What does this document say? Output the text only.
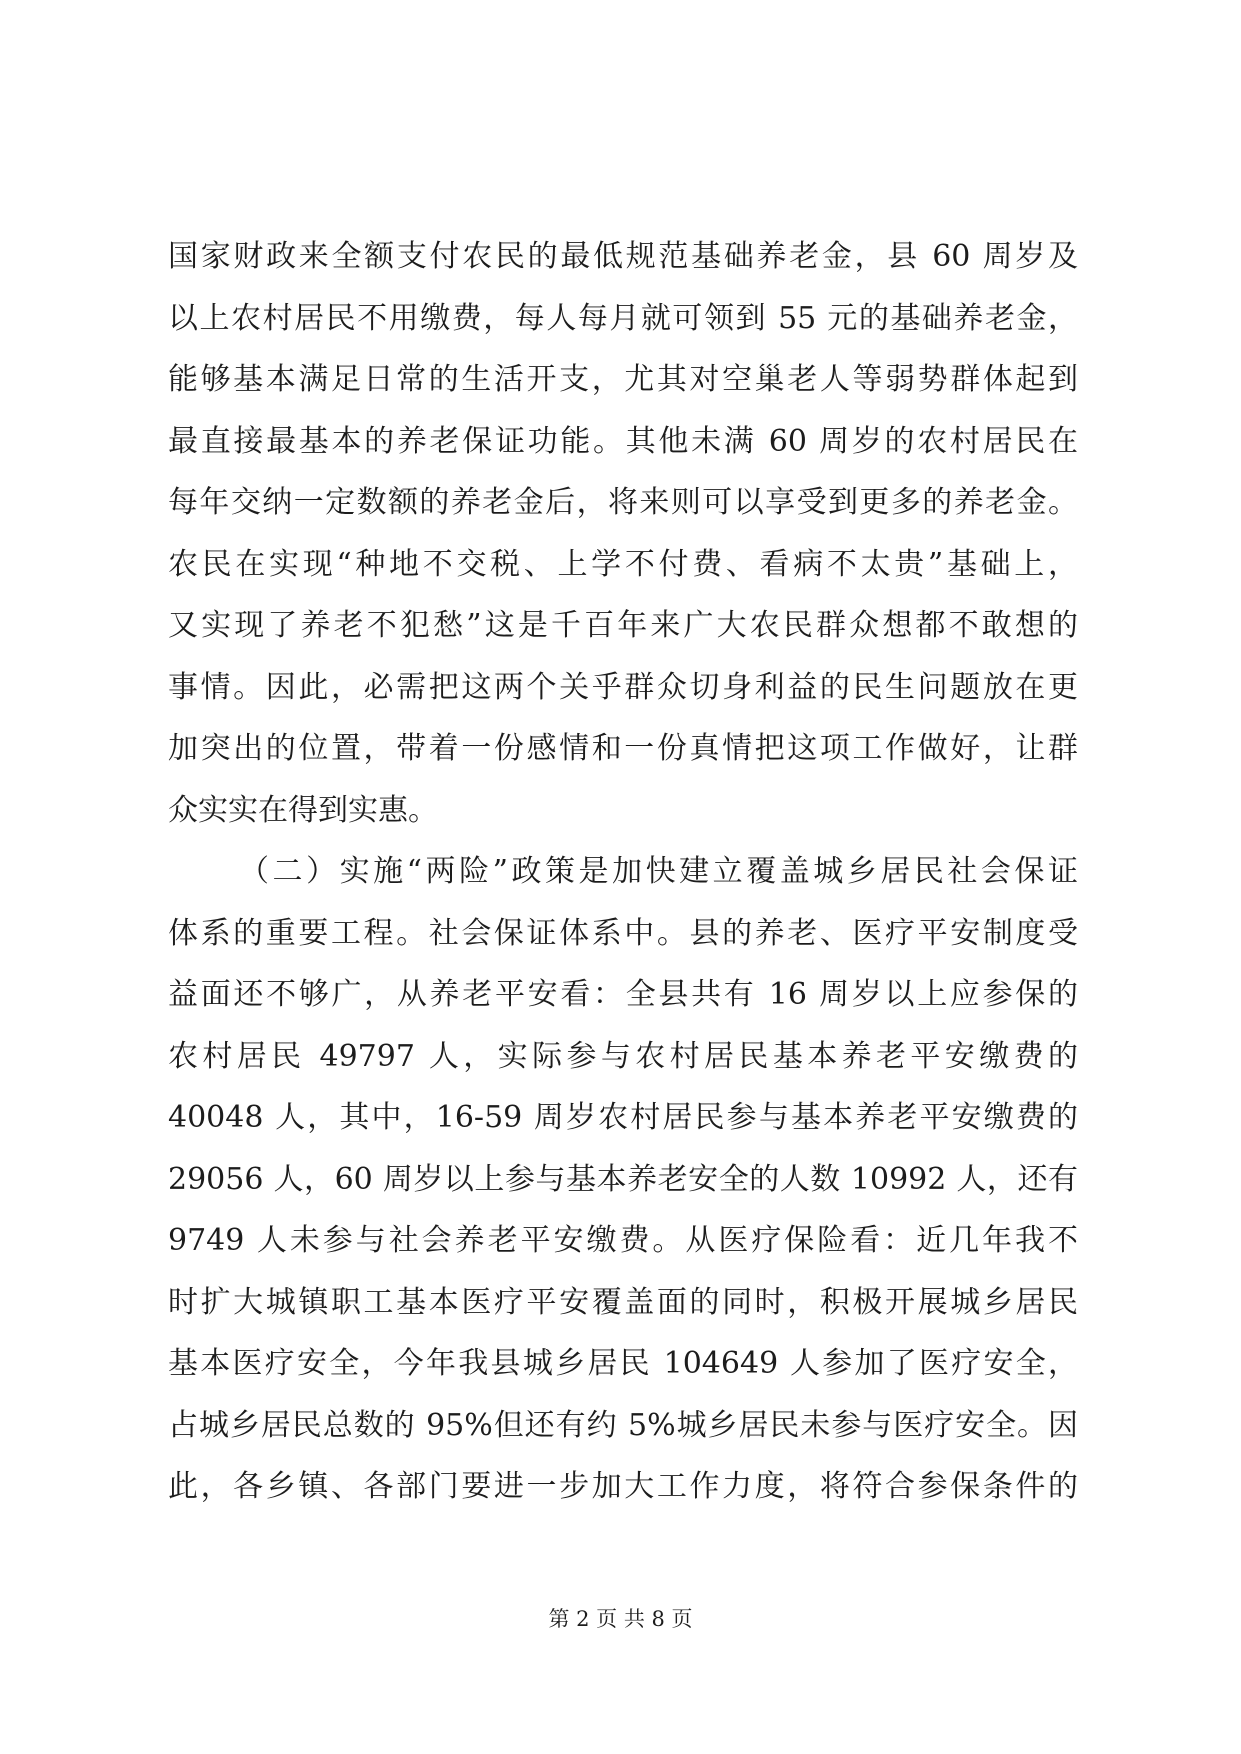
国家财政来全额支付农民的最低规范基础养老金，县 60 周岁及
以上农村居民不用缴费，每人每月就可领到 55 元的基础养老金，
能够基本满足日常的生活开支，尤其对空巢老人等弱势群体起到
最直接最基本的养老保证功能。其他未满 60 周岁的农村居民在
每年交纳一定数额的养老金后，将来则可以享受到更多的养老金。
农民在实现“种地不交税、上学不付费、看病不太贵”基础上，
又实现了养老不犯愁”这是千百年来广大农民群众想都不敢想的
事情。因此，必需把这两个关乎群众切身利益的民生问题放在更
加突出的位置，带着一份感情和一份真情把这项工作做好，让群
众实实在得到实惠。
（二）实施“两险”政策是加快建立覆盖城乡居民社会保证
体系的重要工程。社会保证体系中。县的养老、医疗平安制度受
益面还不够广，从养老平安看：全县共有 16 周岁以上应参保的
农村居民 49797 人，实际参与农村居民基本养老平安缴费的
40048 人，其中，16-59 周岁农村居民参与基本养老平安缴费的
29056 人，60 周岁以上参与基本养老安全的人数 10992 人，还有
9749 人未参与社会养老平安缴费。从医疗保险看：近几年我不
时扩大城镇职工基本医疗平安覆盖面的同时，积极开展城乡居民
基本医疗安全，今年我县城乡居民 104649 人参加了医疗安全，
占城乡居民总数的 95%但还有约 5%城乡居民未参与医疗安全。因
此，各乡镇、各部门要进一步加大工作力度，将符合参保条件的
第 2 页 共 8 页
